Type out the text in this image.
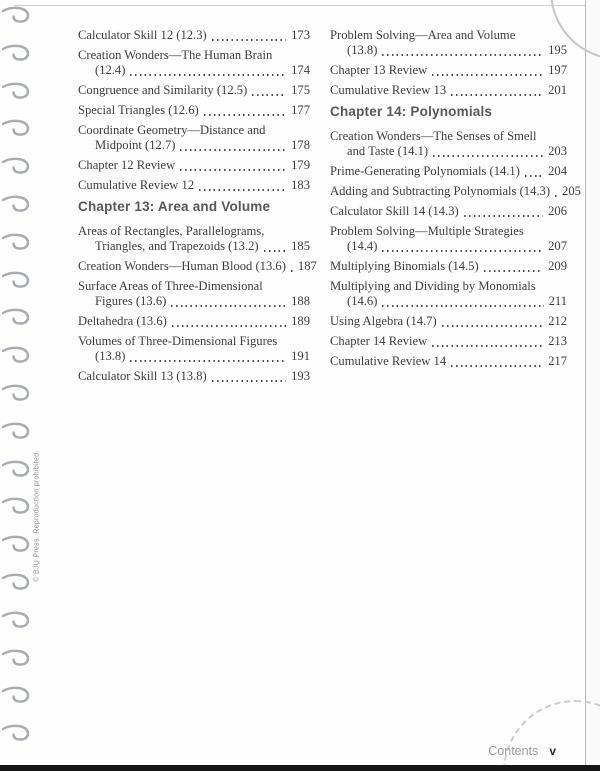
© BJU Press. Reproduction prohibited.
Calculator Skill 12 (12.3)	173
Creation Wonders—The Human Brain
(12.4)	174
Congruence and Similarity (12.5)	175
Special Triangles (12.6)	177
Coordinate Geometry—Distance and
Midpoint (12.7)	178
Chapter 12 Review	179
Cumulative Review 12	183
Chapter 13: Area and Volume
Areas of Rectangles, Parallelograms,
Triangles, and Trapezoids (13.2)	185
Creation Wonders—Human Blood (13.6) 187
Surface Areas of Three-Dimensional
Figures (13.6)	188
Deltahedra (13.6)	189
Volumes of Three-Dimensional Figures
(13.8)	191
Calculator Skill 13 (13.8)	193
Problem Solving—Area and Volume
(13.8)	195
Chapter 13 Review	197
Cumulative Review 13	201
Chapter 14: Polynomials
Creation Wonders—The Senses of Smell
and Taste (14.1)	203
Prime-Generating Polynomials (14.1) 204
Adding and Subtracting Polynomials (14.3) 205
Calculator Skill 14 (14.3)	206
Problem Solving—Multiple Strategies
(14.4)	207
Multiplying Binomials (14.5)	209
Multiplying and Dividing by Monomials
(14.6)	211
Using Algebra (14.7)	212
Chapter 14 Review	213
Cumulative Review 14	217
Contents v
